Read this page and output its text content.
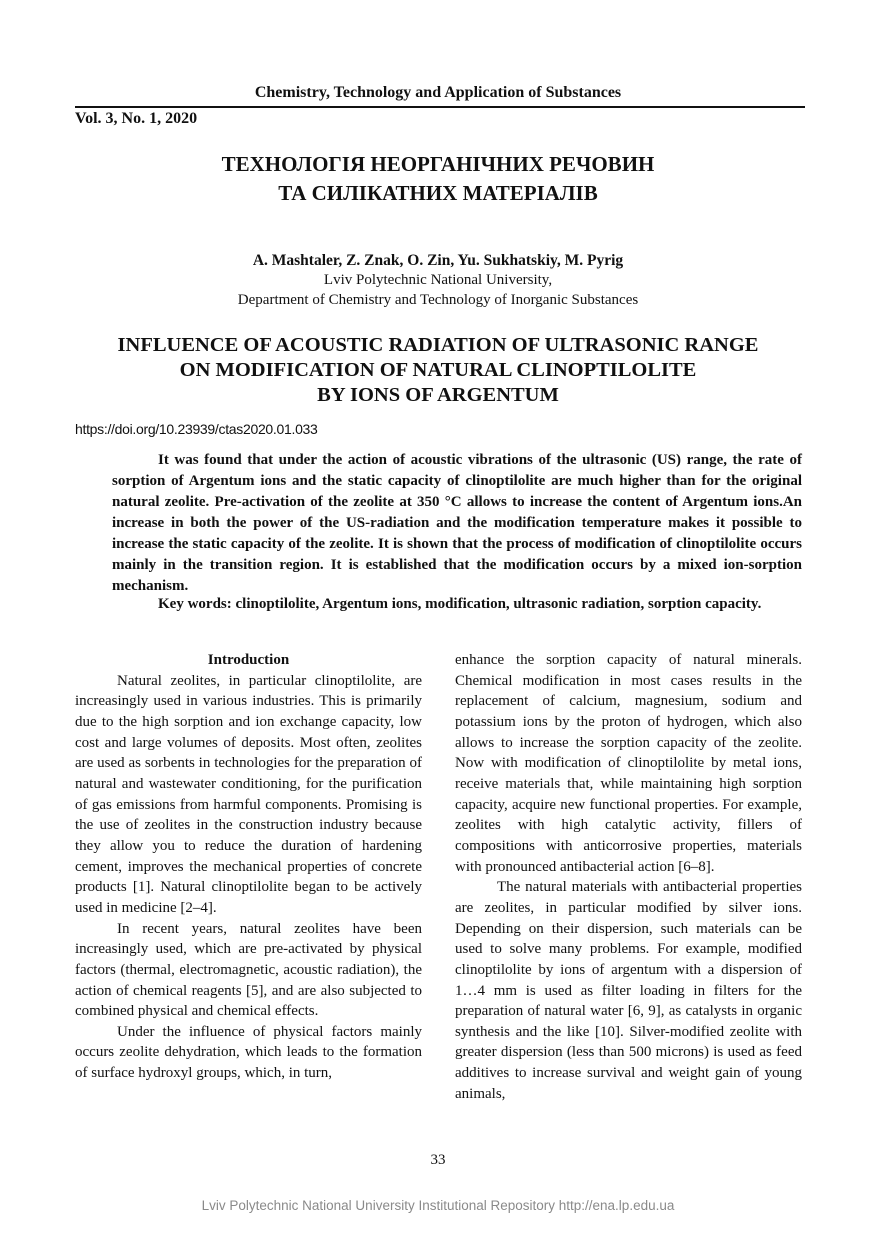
Chemistry, Technology and Application of Substances
Vol. 3, No. 1, 2020
ТЕХНОЛОГІЯ НЕОРГАНІЧНИХ РЕЧОВИН
ТА СИЛІКАТНИХ МАТЕРІАЛІВ
A. Mashtaler, Z. Znak, O. Zin, Yu. Sukhatskiy, M. Pyrig
Lviv Polytechnic National University,
Department of Chemistry and Technology of Inorganic Substances
INFLUENCE OF ACOUSTIC RADIATION OF ULTRASONIC RANGE
ON MODIFICATION OF NATURAL CLINOPTILOLITE
BY IONS OF ARGENTUM
https://doi.org/10.23939/ctas2020.01.033

It was found that under the action of acoustic vibrations of the ultrasonic (US) range, the rate of sorption of Argentum ions and the static capacity of clinoptilolite are much higher than for the original natural zeolite. Pre-activation of the zeolite at 350 °C allows to increase the content of Argentum ions.An increase in both the power of the US-radiation and the modification temperature makes it possible to increase the static capacity of the zeolite. It is shown that the process of modification of clinoptilolite occurs mainly in the transition region. It is established that the modification occurs by a mixed ion-sorption mechanism.

Key words: clinoptilolite, Argentum ions, modification, ultrasonic radiation, sorption capacity.

Introduction

Natural zeolites, in particular clinoptilolite, are increasingly used in various industries. This is primarily due to the high sorption and ion exchange capacity, low cost and large volumes of deposits. Most often, zeolites are used as sorbents in technologies for the preparation of natural and wastewater conditioning, for the purification of gas emissions from harmful components. Promising is the use of zeolites in the construction industry because they allow you to reduce the duration of hardening cement, improves the mechanical properties of concrete products [1]. Natural clinoptilolite began to be actively used in medicine [2–4].

In recent years, natural zeolites have been increasingly used, which are pre-activated by physical factors (thermal, electromagnetic, acoustic radiation), the action of chemical reagents [5], and are also subjected to combined physical and chemical effects.

Under the influence of physical factors mainly occurs zeolite dehydration, which leads to the formation of surface hydroxyl groups, which, in turn,

enhance the sorption capacity of natural minerals. Chemical modification in most cases results in the replacement of calcium, magnesium, sodium and potassium ions by the proton of hydrogen, which also allows to increase the sorption capacity of the zeolite. Now with modification of clinoptilolite by metal ions, receive materials that, while maintaining high sorption capacity, acquire new functional properties. For example, zeolites with high catalytic activity, fillers of compositions with anticorrosive properties, materials with pronounced antibacterial action [6–8].

The natural materials with antibacterial properties are zeolites, in particular modified by silver ions. Depending on their dispersion, such materials can be used to solve many problems. For example, modified clinoptilolite by ions of argentum with a dispersion of 1…4 mm is used as filter loading in filters for the preparation of natural water [6, 9], as catalysts in organic synthesis and the like [10]. Silver-modified zeolite with greater dispersion (less than 500 microns) is used as feed additives to increase survival and weight gain of young animals,

33
Lviv Polytechnic National University Institutional Repository http://ena.lp.edu.ua
